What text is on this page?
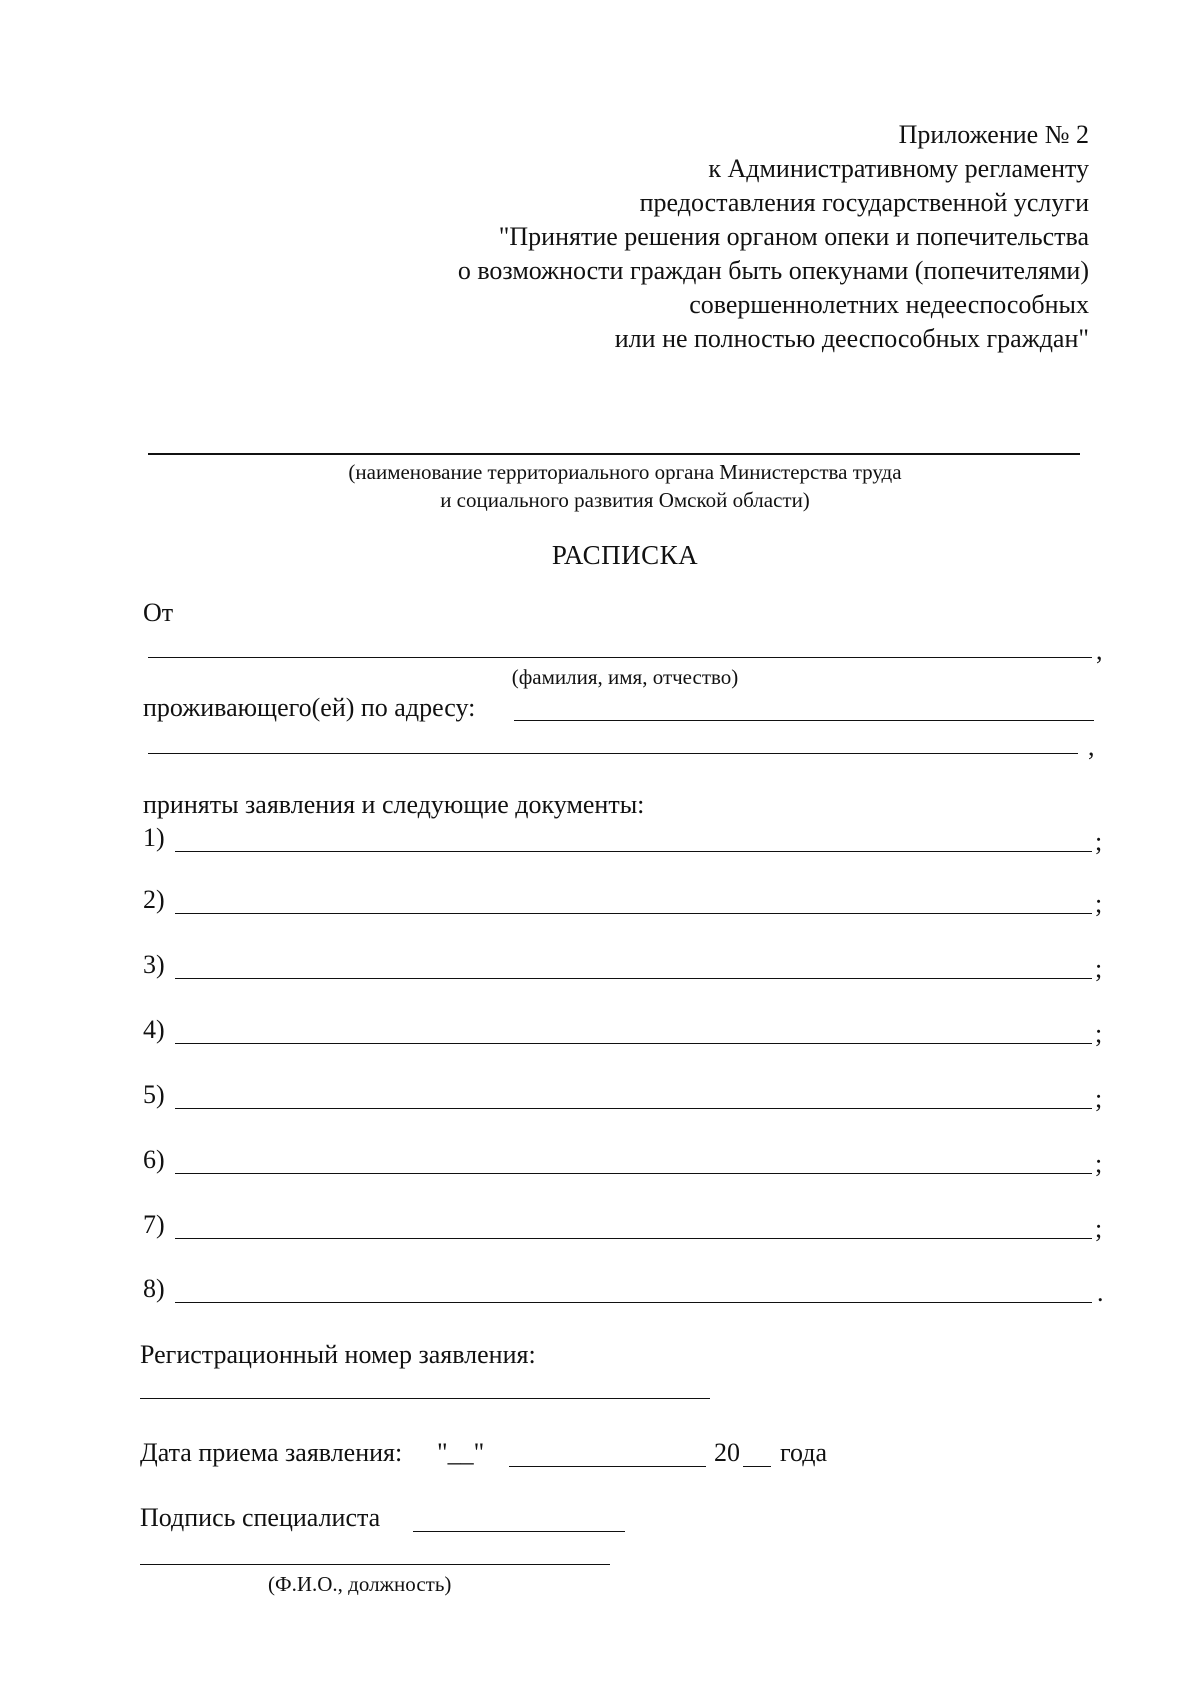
Приложение № 2
к Административному регламенту
предоставления государственной услуги
"Принятие решения органом опеки и попечительства
о возможности граждан быть опекунами (попечителями)
совершеннолетних недееспособных
или не полностью дееспособных граждан"
(наименование территориального органа Министерства труда
и социального развития Омской области)
РАСПИСКА
От
,
(фамилия, имя, отчество)
проживающего(ей) по адресу:
,
приняты заявления и следующие документы:
1)	;
2)	;
3)	;
4)	;
5)	;
6)	;
7)	;
8)	.
Регистрационный номер заявления:
Дата приема заявления: "__"	20 года
Подпись специалиста
(Ф.И.О., должность)
